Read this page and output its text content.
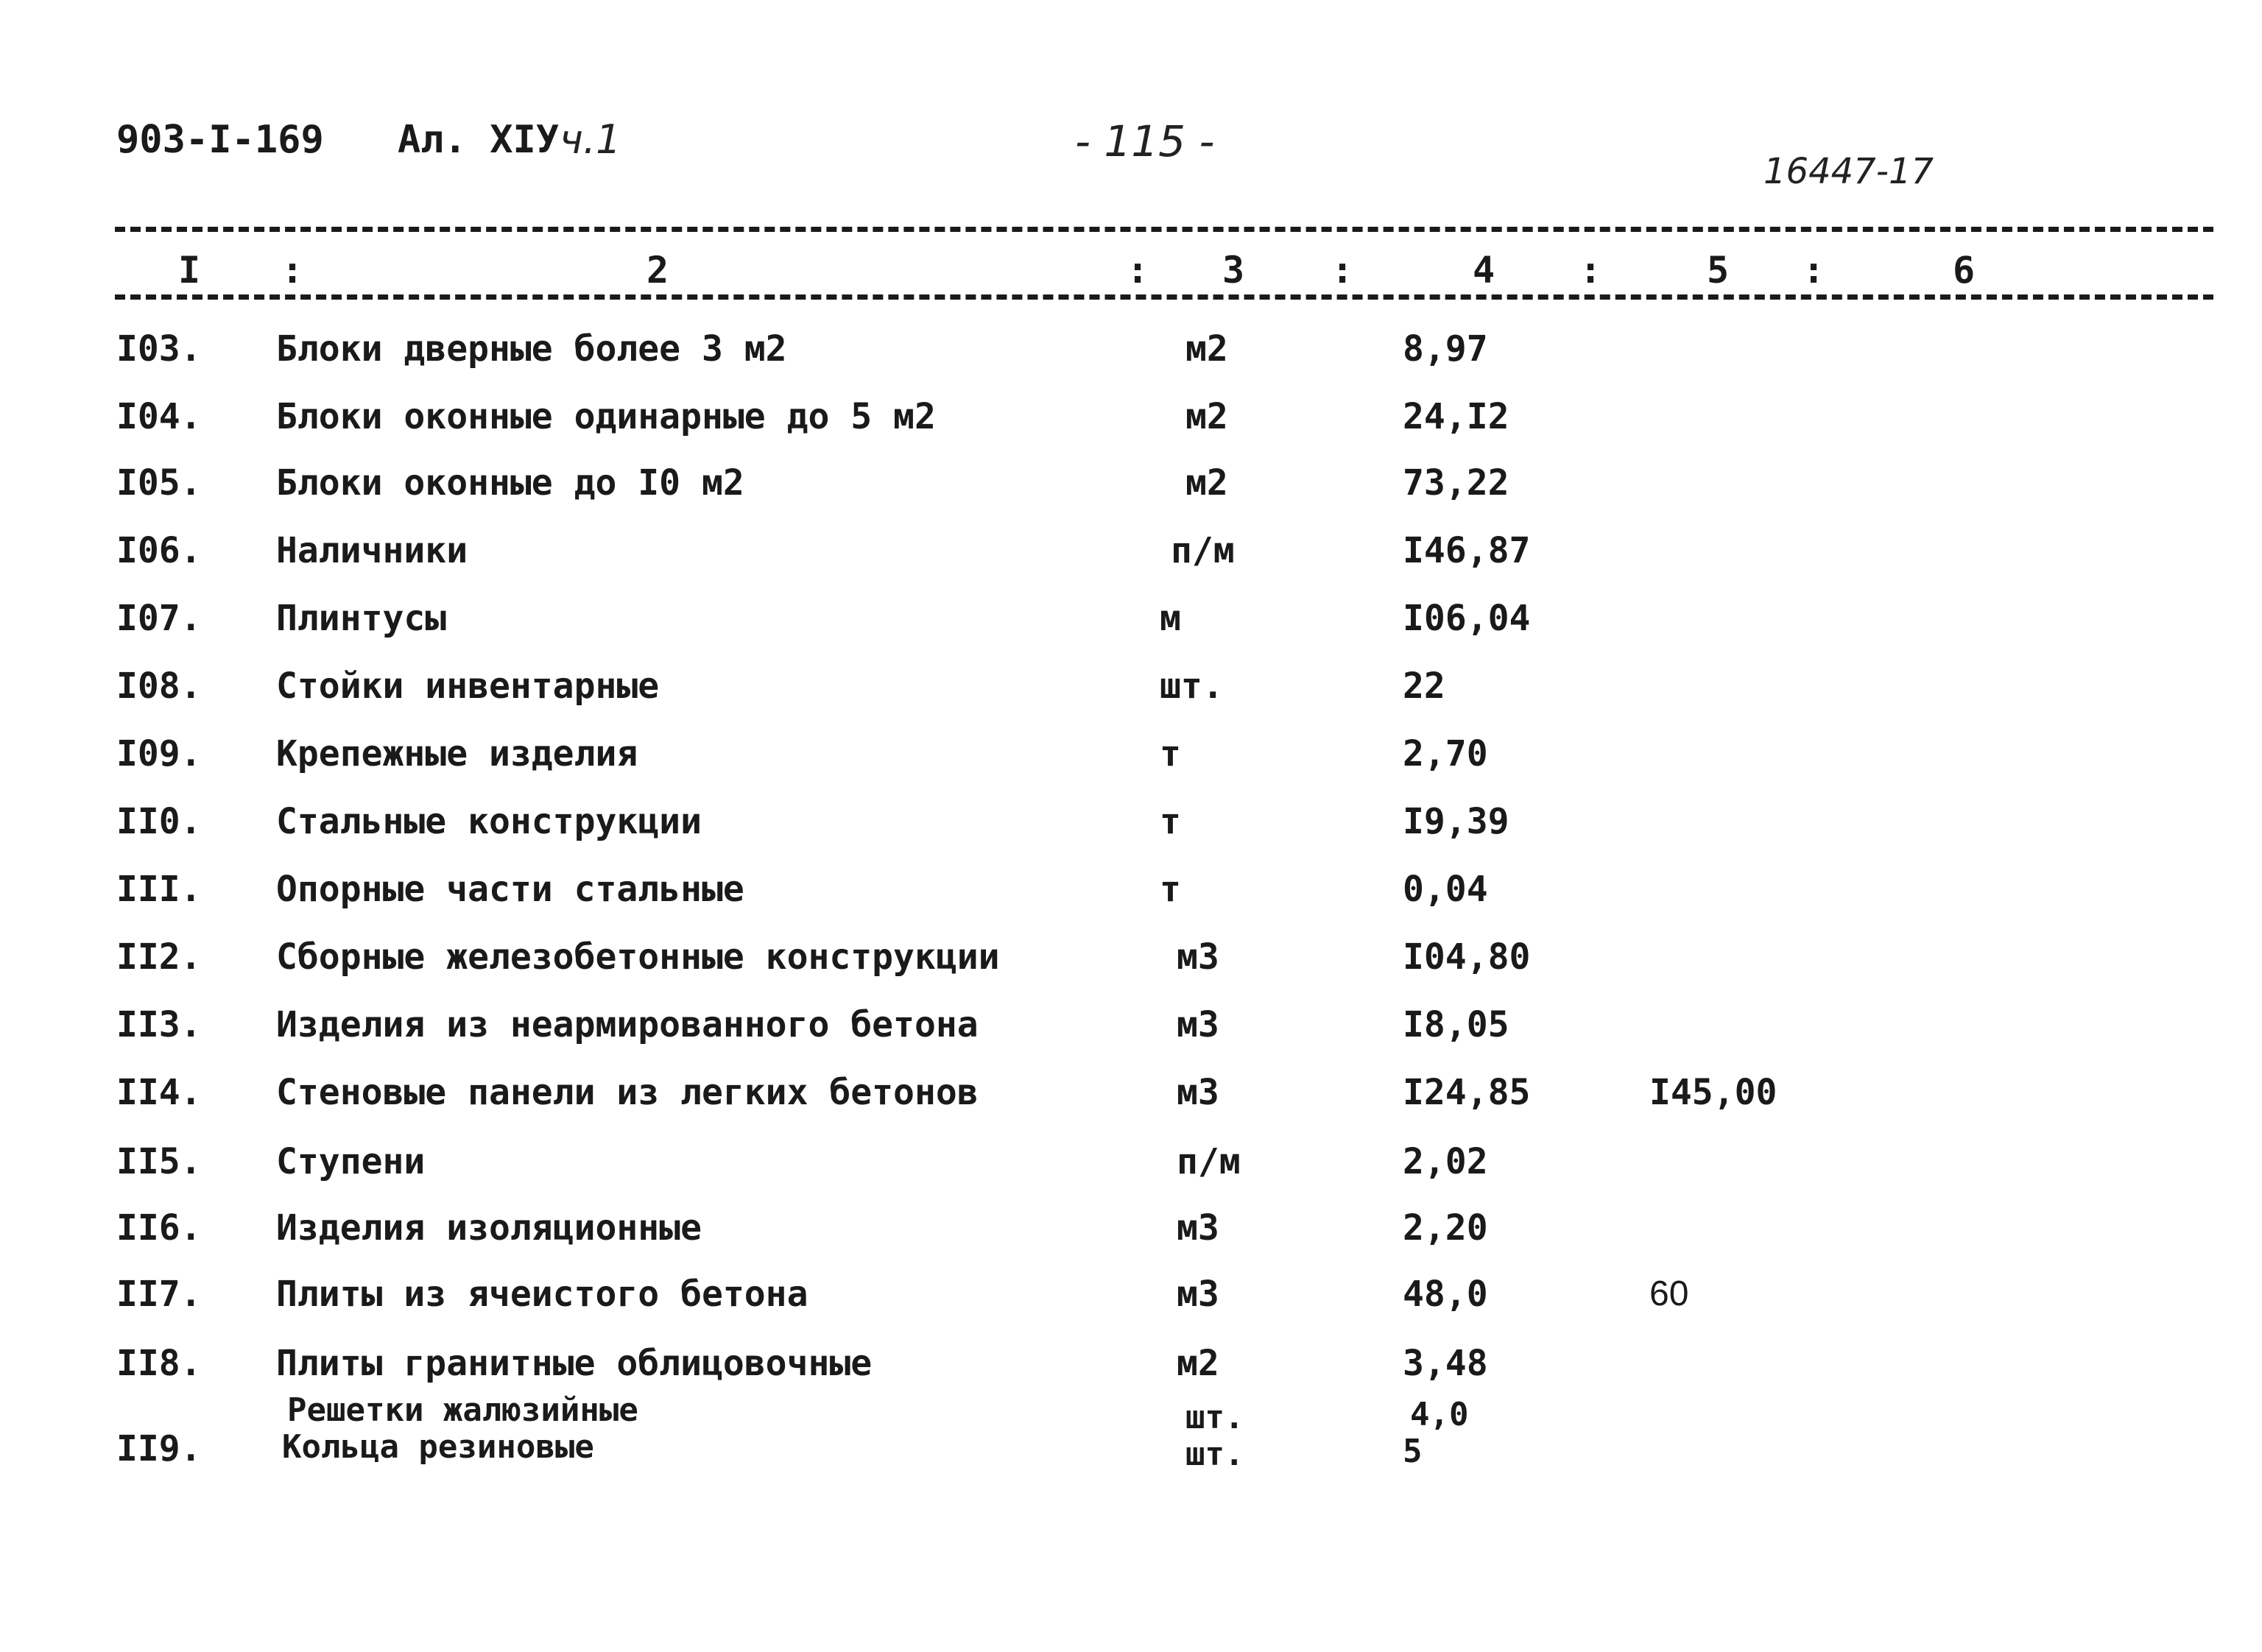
903-I-169 Ал. XIУ ч.1	- 115 -
16447-17
I :	2	: 3 :	4 :	5 :	6
I03. Блоки дверные более 3 м2	м2	8,97
I04. Блоки оконные одинарные до 5 м2	м2	24,I2
I05. Блоки оконные до I0 м2	м2	73,22
I06. Наличники	п/м	I46,87
I07. Плинтусы	м	I06,04
I08. Стойки инвентарные	шт.	22
I09. Крепежные изделия	т	2,70
II0. Стальные конструкции	т	I9,39
III. Опорные части стальные	т	0,04
II2. Сборные железобетонные конструкции	м3	I04,80
II3. Изделия из неармированного бетона	м3	I8,05
II4. Стеновые панели из легких бетонов	м3	I24,85	I45,00
II5. Ступени	п/м	2,02
II6. Изделия изоляционные	м3	2,20
II7. Плиты из ячеистого бетона	м3	48,0	60
II8. Плиты гранитные облицовочные	м2	3,48
Решетки жалюзийные	шт.	4,0
II9. Кольца резиновые	шт.	5
